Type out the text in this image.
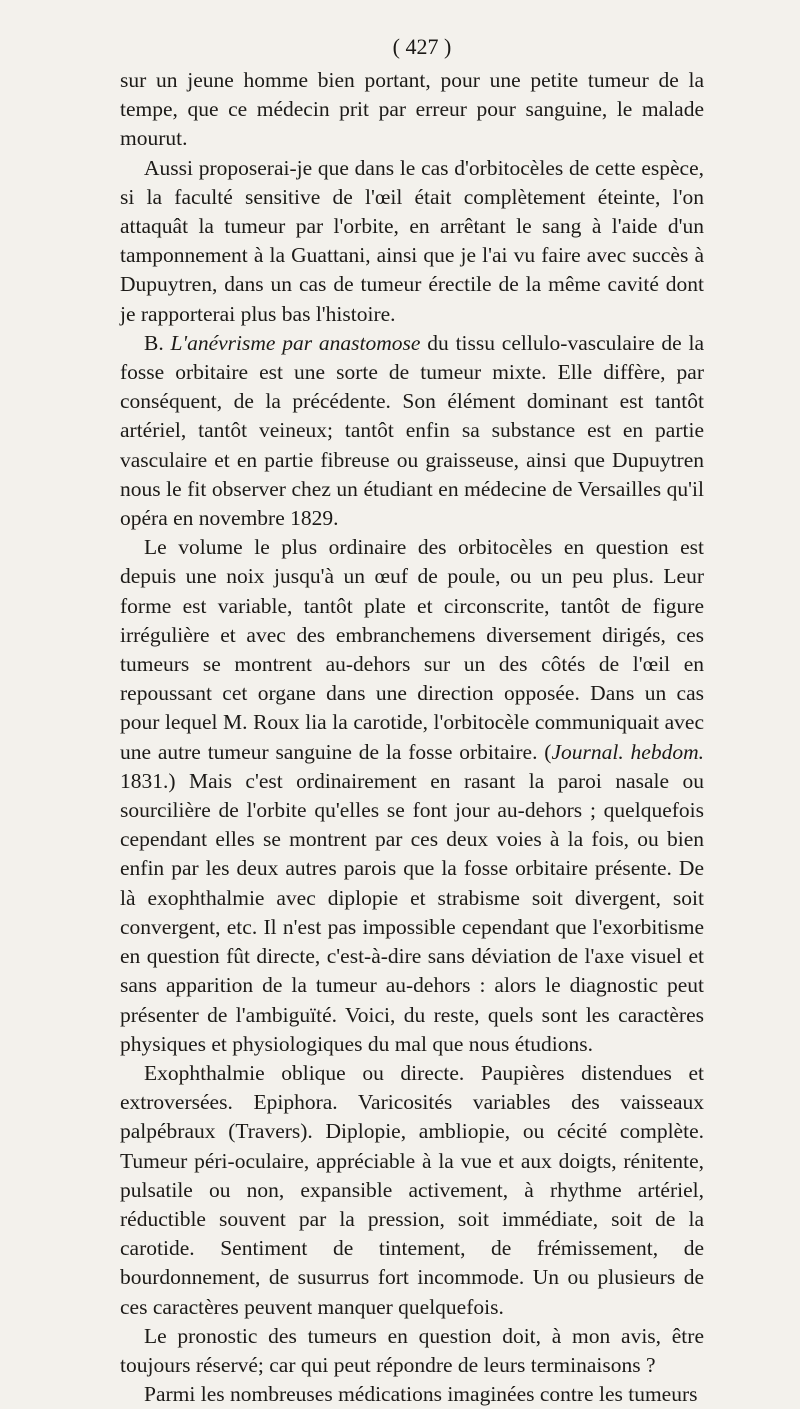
( 427 )

sur un jeune homme bien portant, pour une petite tumeur de la tempe, que ce médecin prit par erreur pour sanguine, le malade mourut.

Aussi proposerai-je que dans le cas d'orbitocèles de cette espèce, si la faculté sensitive de l'œil était complètement éteinte, l'on attaquât la tumeur par l'orbite, en arrêtant le sang à l'aide d'un tamponnement à la Guattani, ainsi que je l'ai vu faire avec succès à Dupuytren, dans un cas de tumeur érectile de la même cavité dont je rapporterai plus bas l'histoire.

B. L'anévrisme par anastomose du tissu cellulo-vasculaire de la fosse orbitaire est une sorte de tumeur mixte. Elle diffère, par conséquent, de la précédente. Son élément dominant est tantôt artériel, tantôt veineux; tantôt enfin sa substance est en partie vasculaire et en partie fibreuse ou graisseuse, ainsi que Dupuytren nous le fit observer chez un étudiant en médecine de Versailles qu'il opéra en novembre 1829.

Le volume le plus ordinaire des orbitocèles en question est depuis une noix jusqu'à un œuf de poule, ou un peu plus. Leur forme est variable, tantôt plate et circonscrite, tantôt de figure irrégulière et avec des embranchemens diversement dirigés, ces tumeurs se montrent au-dehors sur un des côtés de l'œil en repoussant cet organe dans une direction opposée. Dans un cas pour lequel M. Roux lia la carotide, l'orbitocèle communiquait avec une autre tumeur sanguine de la fosse orbitaire. (Journal. hebdom. 1831.) Mais c'est ordinairement en rasant la paroi nasale ou sourcilière de l'orbite qu'elles se font jour au-dehors ; quelquefois cependant elles se montrent par ces deux voies à la fois, ou bien enfin par les deux autres parois que la fosse orbitaire présente. De là exophthalmie avec diplopie et strabisme soit divergent, soit convergent, etc. Il n'est pas impossible cependant que l'exorbitisme en question fût directe, c'est-à-dire sans déviation de l'axe visuel et sans apparition de la tumeur au-dehors : alors le diagnostic peut présenter de l'ambiguïté. Voici, du reste, quels sont les caractères physiques et physiologiques du mal que nous étudions.

Exophthalmie oblique ou directe. Paupières distendues et extroversées. Epiphora. Varicosités variables des vaisseaux palpébraux (Travers). Diplopie, ambliopie, ou cécité complète. Tumeur péri-oculaire, appréciable à la vue et aux doigts, rénitente, pulsatile ou non, expansible activement, à rhythme artériel, réductible souvent par la pression, soit immédiate, soit de la carotide. Sentiment de tintement, de frémissement, de bourdonnement, de susurrus fort incommode. Un ou plusieurs de ces caractères peuvent manquer quelquefois.

Le pronostic des tumeurs en question doit, à mon avis, être toujours réservé; car qui peut répondre de leurs terminaisons ?

Parmi les nombreuses médications imaginées contre les tumeurs
